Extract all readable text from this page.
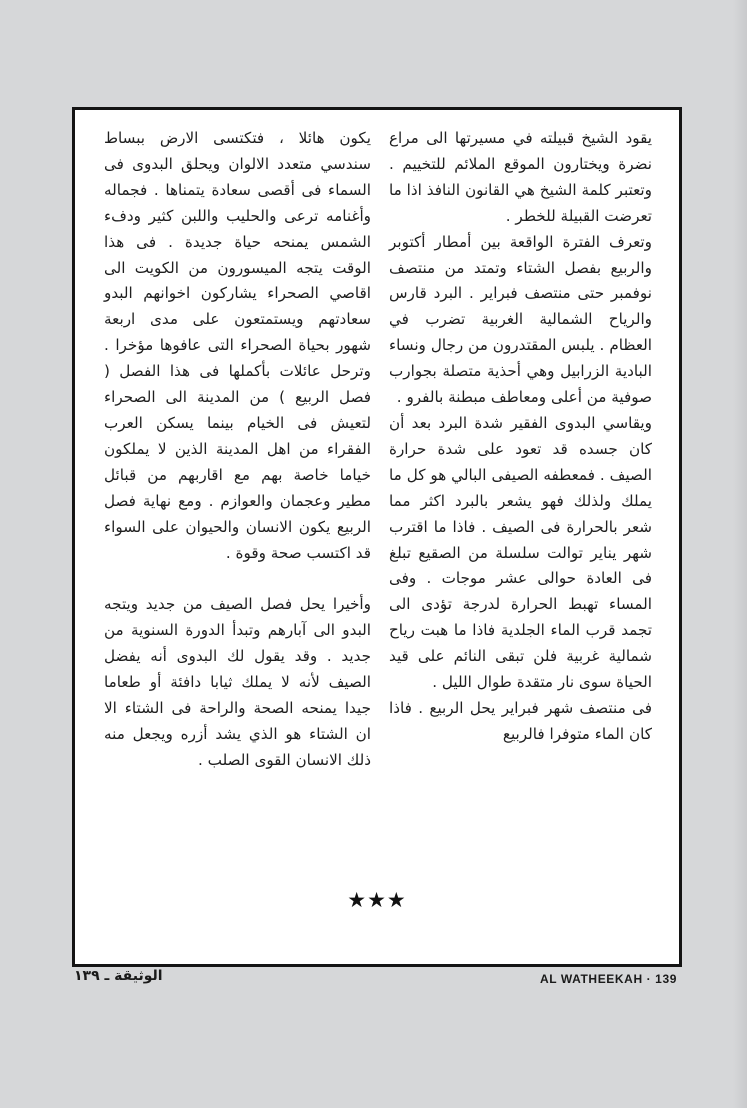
يقود الشيخ قبيلته في مسيرتها الى مراع نضرة ويختارون الموقع الملائم للتخييم . وتعتبر كلمة الشيخ هي القانون النافذ اذا ما تعرضت القبيلة للخطر .

وتعرف الفترة الواقعة بين أمطار أكتوبر والربيع بفصل الشتاء وتمتد من منتصف نوفمبر حتى منتصف فبراير . البرد قارس والرياح الشمالية الغربية تضرب في العظام . يلبس المقتدرون من رجال ونساء البادية الزرابيل وهي أحذية متصلة بجوارب صوفية من أعلى ومعاطف مبطنة بالفرو .

ويقاسي البدوى الفقير شدة البرد بعد أن كان جسده قد تعود على شدة حرارة الصيف . فمعطفه الصيفى البالي هو كل ما يملك ولذلك فهو يشعر بالبرد اكثر مما شعر بالحرارة فى الصيف . فاذا ما اقترب شهر يناير توالت سلسلة من الصقيع تبلغ فى العادة حوالى عشر موجات . وفى المساء تهبط الحرارة لدرجة تؤدى الى تجمد قرب الماء الجلدية فاذا ما هبت رياح شمالية غربية فلن تبقى النائم على قيد الحياة سوى نار متقدة طوال الليل .

فى منتصف شهر فبراير يحل الربيع . فاذا كان الماء متوفرا فالربيع

يكون هائلا ، فتكتسى الارض ببساط سندسي متعدد الالوان ويحلق البدوى فى السماء فى أقصى سعادة يتمناها . فجماله وأغنامه ترعى والحليب واللبن كثير ودفء الشمس يمنحه حياة جديدة . فى هذا الوقت يتجه الميسورون من الكويت الى اقاصي الصحراء يشاركون اخوانهم البدو سعادتهم ويستمتعون على مدى اربعة شهور بحياة الصحراء التى عافوها مؤخرا . وترحل عائلات بأكملها فى هذا الفصل ( فصل الربيع ) من المدينة الى الصحراء لتعيش فى الخيام بينما يسكن العرب الفقراء من اهل المدينة الذين لا يملكون خياما خاصة بهم مع اقاربهم من قبائل مطير وعجمان والعوازم . ومع نهاية فصل الربيع يكون الانسان والحيوان على السواء قد اكتسب صحة وقوة .

وأخيرا يحل فصل الصيف من جديد ويتجه البدو الى آبارهم وتبدأ الدورة السنوية من جديد . وقد يقول لك البدوى أنه يفضل الصيف لأنه لا يملك ثيابا دافئة أو طعاما جيدا يمنحه الصحة والراحة فى الشتاء الا ان الشتاء هو الذي يشد أزره ويجعل منه ذلك الانسان القوى الصلب .

★★★
الوثيقة ـ ١٣٩	AL WATHEEKAH · 139
